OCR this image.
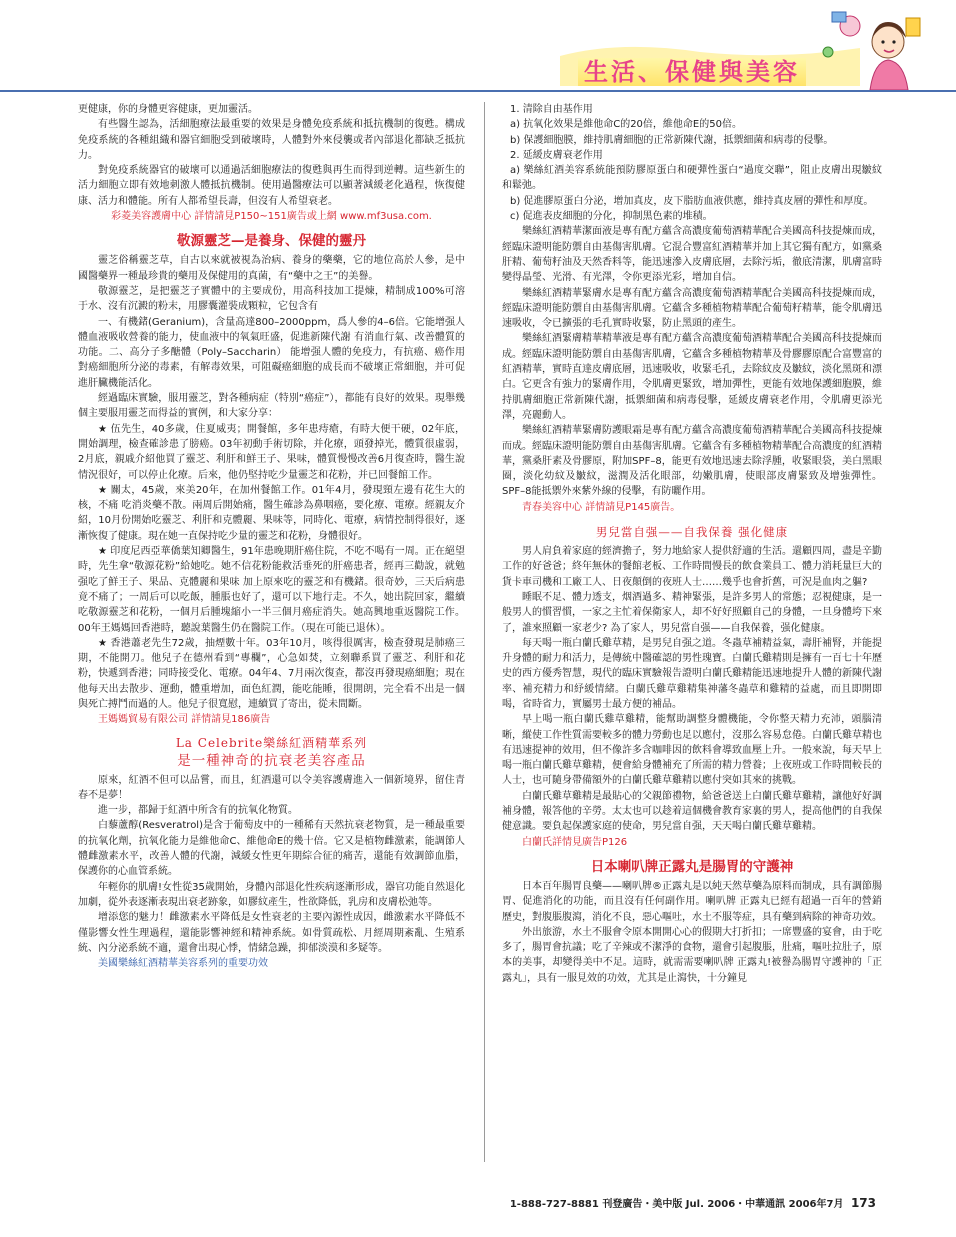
生活、保健與美容

更健康，你的身體更容健康，更加靈活。

有些醫生認為，活細胞療法最重要的效果是身體免疫系統和抵抗機制的復甦。構成免疫系統的各種組織和器官細胞受到破壞時，人體對外來侵襲或者內部退化都缺乏抵抗力。

對免疫系統器官的破壞可以通過活細胞療法的復甦與再生而得到逆轉。這些新生的活力細胞立即有效地刺激人體抵抗機制。使用過醫療法可以顯著減緩老化過程，恢復健康、活力和體能。所有人都希望長壽，但沒有人希望衰老。

彩菱美容護膚中心 詳情請見P150~151廣告或上網 www.mf3usa.com.

敬源靈芝—是養身、保健的靈丹

靈芝俗稱靈芝草，自古以來就被視為治病、養身的藥藥，它的地位高於人參，是中國醫藥界一種最珍貴的藥用及保健用的真菌，有“藥中之王”的美譽。

敬源靈芝，是把靈芝子實體中的主要成份，用高科技加工提煉，精制成100%可溶于水、沒有沉澱的粉末，用膠囊灌裝成顆粒，它包含有

一、有機鍺(Geranium)，含量高達800–2000ppm，爲人參的4–6倍。它能增强人體血液吸收營養的能力，使血液中的氧氣旺盛，促進新陳代謝 有消血行氣、改善體質的功能。二、高分子多醣體（Poly–Saccharin） 能增强人體的免疫力，有抗癌、癌作用 對癌細胞所分泌的毒素，有解毒效果，可阻礙癌細胞的成長而不破壞正常細胞，并可促進肝臟機能活化。

經過臨床實驗，服用靈芝，對各種病症（特別“癌症”），都能有良好的效果。現舉幾個主要服用靈芝而得益的實例，和大家分享：

★ 伍先生，40多歲，住夏威夷；開餐館，多年患痔瘡，有時大便干硬，02年底，開始調理，檢查確診患了膀癌。03年初動手術切除，并化療，頭發掉光，體質很虛弱，2月底，親戚介紹他買了靈芝、利肝和鮮王子、果味，體質慢慢改善6月復查時，醫生說情況很好，可以停止化療。后來，他仍堅持吃少量靈芝和花粉，并已回餐館工作。

★ 關太，45歲，來美20年，在加州餐館工作。01年4月，發現頸左邊有花生大的核，不痛 吃消炎藥不散。兩周后開始痛，醫生確診為鼻咽癌，要化療、電療。經親友介紹，10月份開始吃靈芝、利肝和克體麗、果味等，同時化、電療，病情控制得很好，逐漸恢復了健康。現在她一直保持吃少量的靈芝和花粉，身體很好。

★ 印度尼西亞華僑葉知卿醫生，91年患晚期肝癌住院，不吃不喝有一周。正在絕望時，先生拿“敬源花粉”給她吃。她不信花粉能救活垂死的肝癌患者，經再三勸說，就勉强吃了鮮王子、果品、克體麗和果味 加上原來吃的靈芝和有機鍺。很奇妙，三天后病患竟不痛了；一周后可以吃飯，腫脹也好了，還可以下地行走。不久，她出院回家，繼續吃敬源靈芝和花粉，一個月后腫塊縮小一半三個月癌症消失。她高興地重返醫院工作。00年王媽媽回香港時，聽說葉醫生仍在醫院工作。（現在可能已退休）。

★ 香港蕭老先生72歲，抽煙數十年。03年10月，咳得很厲害，檢查發現是肺癌三期，不能開刀。他兒子在德州看到“專欄”，心急如焚，立刻聯系買了靈芝、利肝和花粉，快遞到香港；同時接受化、電療。04年4、7月兩次復查，都沒再發現癌細胞；現在他每天出去散步、運動，體重增加，面色紅潤，能吃能睡，很開朗，完全看不出是一個與死亡搏鬥而過的人。他兒子很寬慰，連續買了寄出，從未間斷。

王媽媽貿易有限公司 詳情請見186廣告

La Celebrite樂絲紅酒精華系列
是一種神奇的抗衰老美容產品

原來，紅酒不但可以品嘗，而且，紅酒還可以令美容護膚進入一個新境界，留住青春不是夢！

進一步，都歸于紅酒中所含有的抗氧化物質。

白藜蘆醇(Resveratrol)是含于葡萄皮中的一種稀有天然抗衰老物質，是一種最重要的抗氧化劑，抗氧化能力是維他命C、維他命E的幾十倍。它又是植物雌激素，能調節人體雌激素水平，改善人體的代謝，減緩女性更年期綜合征的痛苦，還能有效調節血脂，保護你的心血管系統。

年輕你的肌膚!女性從35歲開始，身體內部退化性疾病逐漸形成，器官功能自然退化加劇，從外表逐漸表現出衰老跡象，如膠紋產生，性欲降低，乳房和皮膚松弛等。

增添您的魅力！雌激素水平降低是女性衰老的主要內源性成因，雌激素水平降低不僅影響女性生理過程，還能影響神經和精神系統。如骨質疏松、月經周期紊亂、生殖系統、內分泌系統不適，還會出現心悸，情緒急躁，抑郁淡漠和多疑等。

美國樂絲紅酒精華美容系列的重要功效

1. 清除自由基作用

a) 抗氧化效果是維他命C的20倍，維他命E的50倍。

b) 保護細胞膜，維持肌膚細胞的正常新陳代謝，抵禦細菌和病毒的侵擊。

2. 延緩皮膚衰老作用

a) 樂絲紅酒美容系統能預防膠原蛋白和硬彈性蛋白“過度交聯”，阻止皮膚出現皺紋和鬆弛。

b) 促進膠原蛋白分泌，增加真皮，皮下脂肪血液供應，維持真皮層的彈性和厚度。

c) 促進表皮細胞的分化，抑制黑色素的堆積。

樂絲紅酒精華潔面液是專有配方蘊含高濃度葡萄酒精華配合美國高科技提煉而成，經臨床證明能防禦自由基傷害肌膚。它混合豐富紅酒精華并加上其它獨有配方，如黨桑肝精、葡萄籽油及天然香料等，能迅速滲入皮膚底層，去除污垢，徹底清潔，肌膚富時變得晶瑩、光滑、有光澤，令你更添光彩，增加自信。

樂絲紅酒精華緊膚水是專有配方蘊含高濃度葡萄酒精華配合美國高科技提煉而成，經臨床證明能防禦自由基傷害肌膚。它蘊含多種植物精華配合葡萄籽精華，能令肌膚迅速吸收，令已擴張的毛孔實時收緊，防止黑頭的產生。

樂絲紅酒緊膚精華精華液是專有配方蘊含高濃度葡萄酒精華配合美國高科技提煉而成。經臨床證明能防禦自由基傷害肌膚，它蘊含多種植物精華及骨膠膠原配合富豐富的紅酒精華，實時直達皮膚底層，迅速吸收，收緊毛孔，去除紋皮及皺紋，淡化黑斑和漂白。它更含有強力的緊膚作用，令肌膚更緊致，增加彈性，更能有效地保護細胞膜，維持肌膚細胞正常新陳代謝，抵禦細菌和病毒侵擊，延緩皮膚衰老作用，令肌膚更添光澤，亮麗動人。

樂絲紅酒精華緊膚防護眼霜是專有配方蘊含高濃度葡萄酒精華配合美國高科技提煉而成。經臨床證明能防禦自由基傷害肌膚。它蘊含有多種植物精華配合高濃度的紅酒精華，黨桑肝素及骨膠原，附加SPF–8，能更有效地迅速去除浮腫，收緊眼袋，美白黑眼圈，淡化幼紋及皺紋，滋潤及活化眼部，幼嫩肌膚，使眼部皮膚緊致及增強彈性。SPF–8能抵禦外來紫外線的侵擊，有防曬作用。

青春美容中心 詳情請見P145廣告。

男兒當自强——自我保養 强化健康

男人肩負着家庭的經濟擔子，努力地給家人提供舒適的生活。還顧四周，盡是辛勤工作的好爸爸；終年無休的餐館老板、工作時間慢長的飲食業員工、體力消耗量巨大的貨卡車司機和工廠工人、日夜顛倒的夜班人士……幾乎也會折舊，可況是血肉之軀?

睡眠不足、體力透支，烟酒過多、精神緊張，是許多男人的常態；忍視健康，是一般男人的慣習慣，一家之主忙着保衛家人，却不好好照顧自己的身體，一旦身體垮下來了，誰來照顧一家老少? 為了家人，男兒當自强——自我保養，强化健康。

每天喝一瓶白蘭氏雞草精，是男兒自强之道。冬蟲草補精益氣，壽肝補腎，并能提升身體的耐力和活力，是傳統中醫確認的男性瑰寶。白蘭氏雞精則是擁有一百七十年歷史的西方優秀智慧，現代的臨床實驗報告證明白蘭氏雞精能迅速地提升人體的新陳代謝率、補充精力和紓緩情緒。白蘭氏雞草雞精集神藩冬蟲草和雞精的益處，而且即開即喝，省時省力，實屬男士最方便的補品。

早上喝一瓶白蘭氏雞草雞精，能幫助調整身體機能，令你整天精力充沛，頭腦清晰，縱使工作性質需要較多的體力勞動也足以應付，沒那么容易怠倦。白蘭氏雞草精也有迅速提神的效用，但不像許多含咖啡因的飲料會導致血壓上升。一般來說，每天早上喝一瓶白蘭氏雞草雞精，便會給身體補充了所需的精力營養；上夜班或工作時間較長的人士，也可隨身帶備額外的白蘭氏雞草雞精以應付突如其來的挑戰。

白蘭氏雞草雞精是最貼心的父親節禮物，給爸爸送上白蘭氏雞草雞精，讓他好好調補身體，報答他的辛勞。太太也可以趁着這個機會教育家裏的男人，提高他們的自我保健意識。要負起保護家庭的使命，男兒當自强，天天喝白蘭氏雞草雞精。

白蘭氏詳情見廣告P126

日本喇叭牌正露丸是腸胃的守護神

日本百年腸胃良藥——喇叭牌®正露丸是以純天然草藥為原料而制成，具有調節腸胃、促進消化的功能，而且沒有任何副作用。喇叭牌 正露丸已經有超過一百年的營銷歷史，對腹脹腹瀉，消化不良，惡心嘔吐，水土不服等症，具有藥到病除的神奇功效。

外出旅游，水土不服會令原本開開心心的假期大打折扣；一席豐盛的宴會，由于吃多了，腸胃會抗議；吃了辛辣或不潔淨的食物，還會引起腹脹，肚痛，嘔吐拉肚子，原本的美事，却變得美中不足。這時，就需需要喇叭牌 正露丸!被譽為腸胃守護神的「正露丸」，具有一服見效的功效，尤其是止瀉快，十分鐘見

1-888-727-8881 刊登廣告・美中版 Jul. 2006・中華通訊 2006年7月 173
